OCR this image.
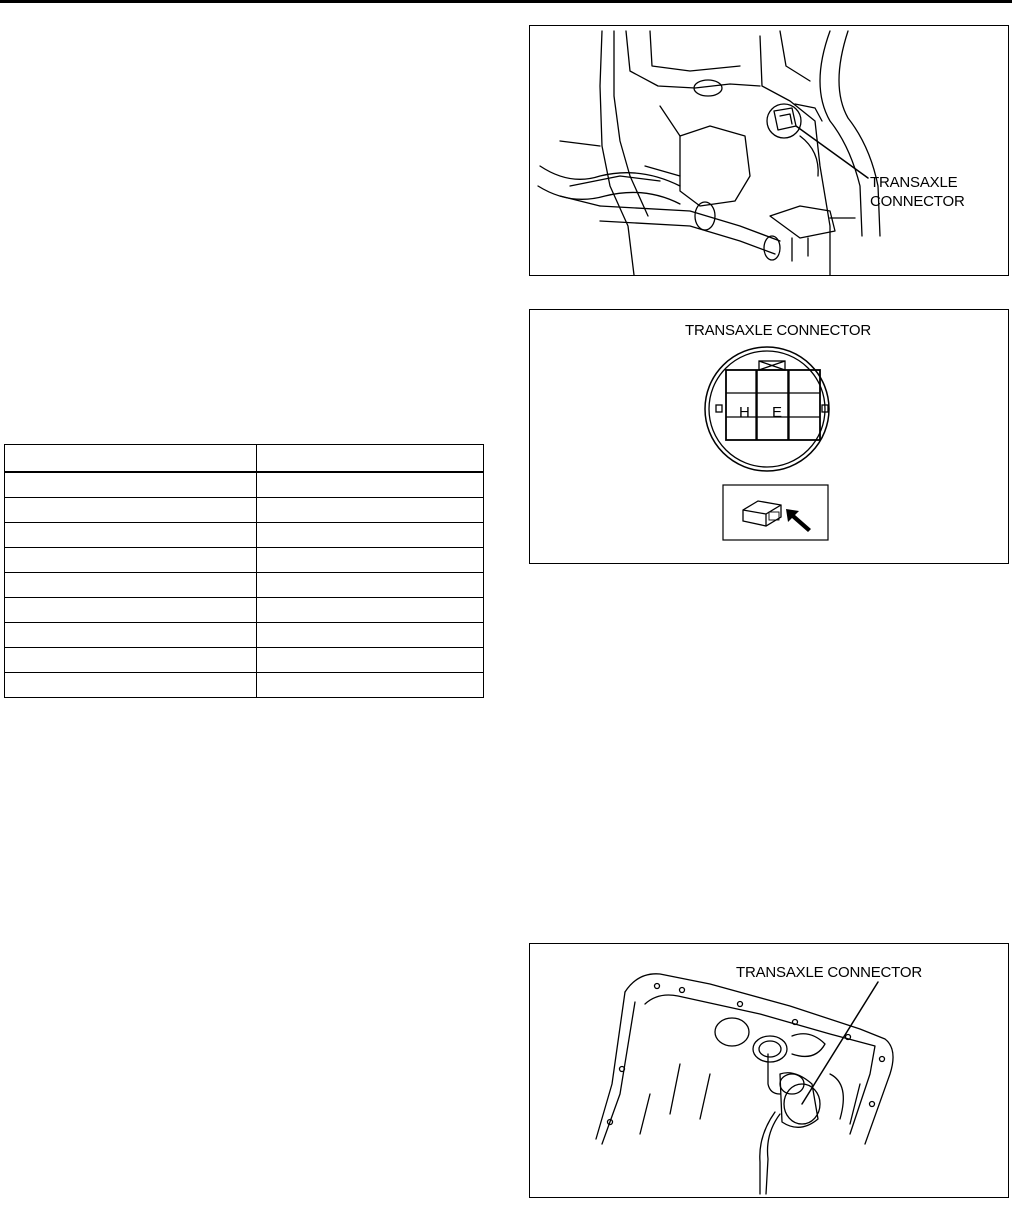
TRANSAXLE
CONNECTOR
TRANSAXLE CONNECTOR
H E
TRANSAXLE CONNECTOR
